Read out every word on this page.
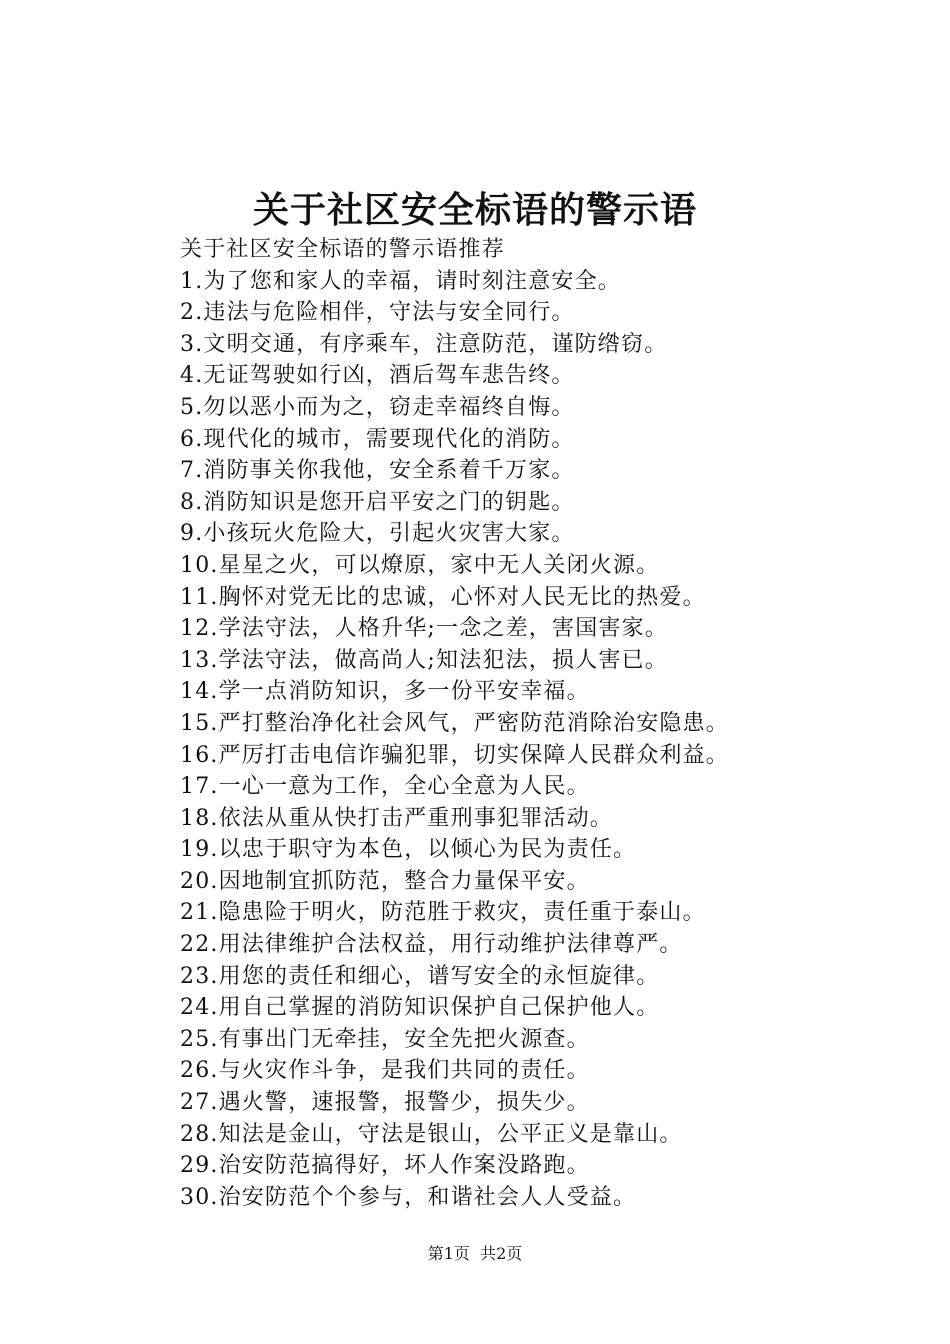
关于社区安全标语的警示语
关于社区安全标语的警示语推荐
1.为了您和家人的幸福，请时刻注意安全。
2.违法与危险相伴，守法与安全同行。
3.文明交通，有序乘车，注意防范，谨防绺窃。
4.无证驾驶如行凶，酒后驾车悲告终。
5.勿以恶小而为之，窃走幸福终自悔。
6.现代化的城市，需要现代化的消防。
7.消防事关你我他，安全系着千万家。
8.消防知识是您开启平安之门的钥匙。
9.小孩玩火危险大，引起火灾害大家。
10.星星之火，可以燎原，家中无人关闭火源。
11.胸怀对党无比的忠诚，心怀对人民无比的热爱。
12.学法守法，人格升华;一念之差，害国害家。
13.学法守法，做高尚人;知法犯法，损人害已。
14.学一点消防知识，多一份平安幸福。
15.严打整治净化社会风气，严密防范消除治安隐患。
16.严厉打击电信诈骗犯罪，切实保障人民群众利益。
17.一心一意为工作，全心全意为人民。
18.依法从重从快打击严重刑事犯罪活动。
19.以忠于职守为本色，以倾心为民为责任。
20.因地制宜抓防范，整合力量保平安。
21.隐患险于明火，防范胜于救灾，责任重于泰山。
22.用法律维护合法权益，用行动维护法律尊严。
23.用您的责任和细心，谱写安全的永恒旋律。
24.用自己掌握的消防知识保护自己保护他人。
25.有事出门无牵挂，安全先把火源查。
26.与火灾作斗争，是我们共同的责任。
27.遇火警，速报警，报警少，损失少。
28.知法是金山，守法是银山，公平正义是靠山。
29.治安防范搞得好，坏人作案没路跑。
30.治安防范个个参与，和谐社会人人受益。
第1页  共2页
